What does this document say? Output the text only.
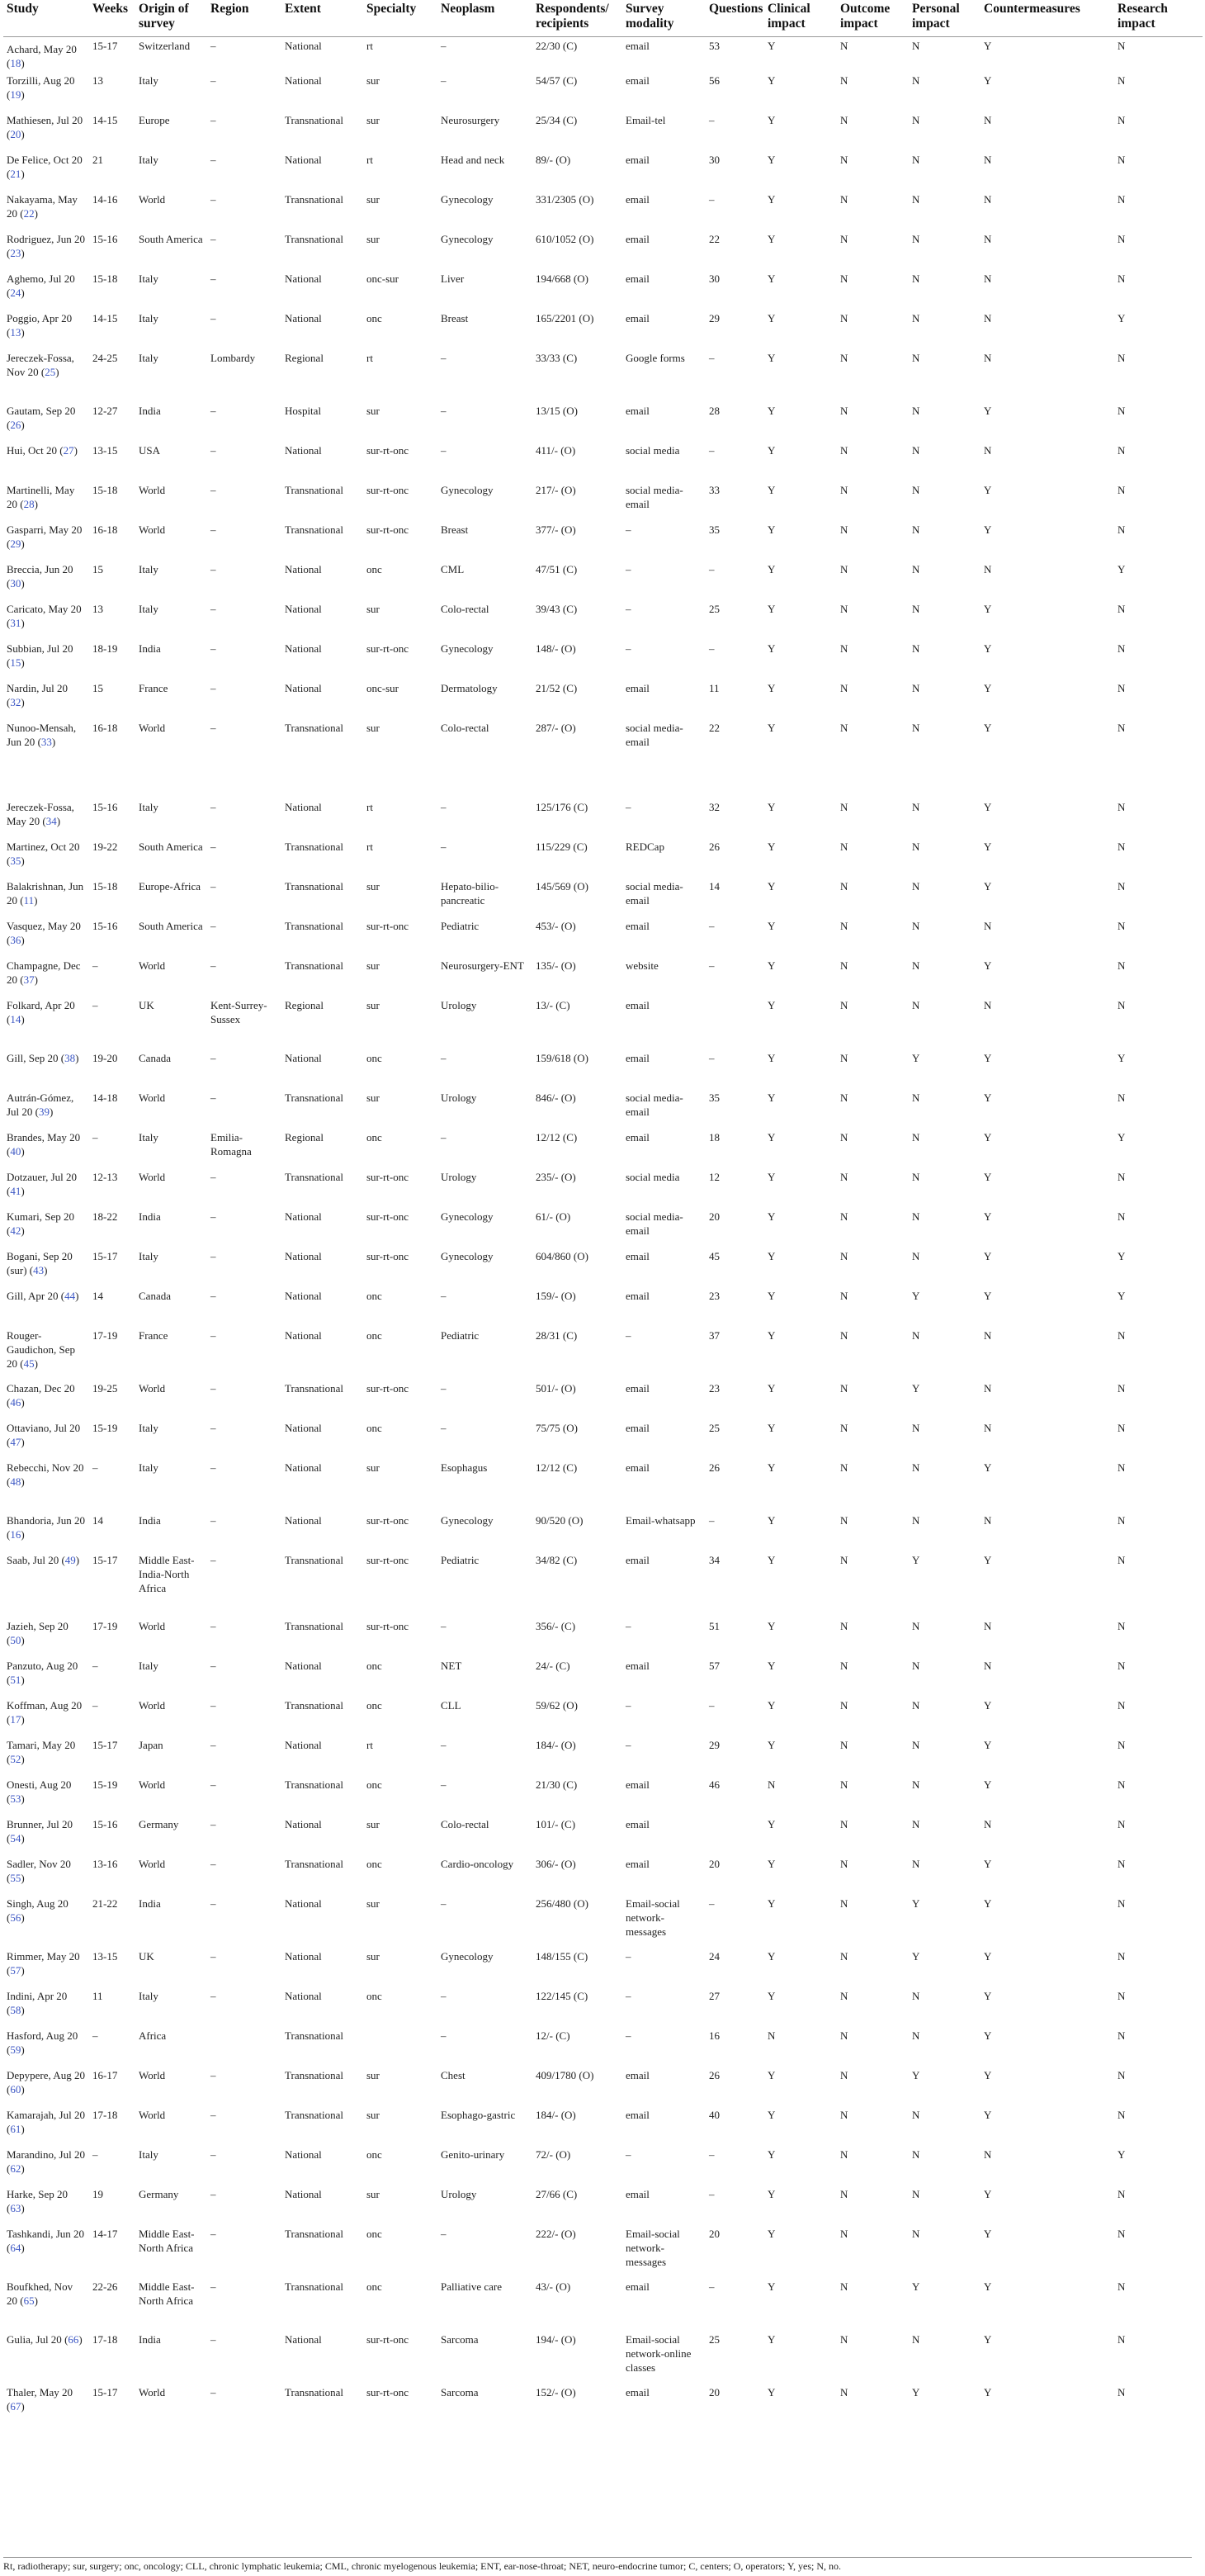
Study	Weeks	Origin of survey	Region	Extent	Specialty	Neoplasm	Respondents/ recipients	Survey modality	Questions	Clinical impact	Outcome impact	Personal impact	Countermeasures	Research impact
Achard, May 20 (18)	15-17	Switzerland	–	National	rt	–	22/30 (C)	email	53	Y	N	N	Y	N
Torzilli, Aug 20 (19)	13	Italy	–	National	sur	–	54/57 (C)	email	56	Y	N	N	Y	N
Mathiesen, Jul 20 (20)	14-15	Europe	–	Transnational	sur	Neurosurgery	25/34 (C)	Email-tel	–	Y	N	N	N	N
De Felice, Oct 20 (21)	21	Italy	–	National	rt	Head and neck	89/- (O)	email	30	Y	N	N	N	N
Nakayama, May 20 (22)	14-16	World	–	Transnational	sur	Gynecology	331/2305 (O)	email	–	Y	N	N	N	N
Rodriguez, Jun 20 (23)	15-16	South America	–	Transnational	sur	Gynecology	610/1052 (O)	email	22	Y	N	N	N	N
Aghemo, Jul 20 (24)	15-18	Italy	–	National	onc-sur	Liver	194/668 (O)	email	30	Y	N	N	N	N
Poggio, Apr 20 (13)	14-15	Italy	–	National	onc	Breast	165/2201 (O)	email	29	Y	N	N	N	Y
Jereczek-Fossa, Nov 20 (25)	24-25	Italy	Lombardy	Regional	rt	–	33/33 (C)	Google forms	–	Y	N	N	N	N
Gautam, Sep 20 (26)	12-27	India	–	Hospital	sur	–	13/15 (O)	email	28	Y	N	N	Y	N
Hui, Oct 20 (27)	13-15	USA	–	National	sur-rt-onc	–	411/- (O)	social media	–	Y	N	N	N	N
Martinelli, May 20 (28)	15-18	World	–	Transnational	sur-rt-onc	Gynecology	217/- (O)	social media-email	33	Y	N	N	Y	N
Gasparri, May 20 (29)	16-18	World	–	Transnational	sur-rt-onc	Breast	377/- (O)	–	35	Y	N	N	Y	N
Breccia, Jun 20 (30)	15	Italy	–	National	onc	CML	47/51 (C)	–	–	Y	N	N	N	Y
Caricato, May 20 (31)	13	Italy	–	National	sur	Colo-rectal	39/43 (C)	–	25	Y	N	N	Y	N
Subbian, Jul 20 (15)	18-19	India	–	National	sur-rt-onc	Gynecology	148/- (O)	–	–	Y	N	N	Y	N
Nardin, Jul 20 (32)	15	France	–	National	onc-sur	Dermatology	21/52 (C)	email	11	Y	N	N	Y	N
Nunoo-Mensah, Jun 20 (33)	16-18	World	–	Transnational	sur	Colo-rectal	287/- (O)	social media-email	22	Y	N	N	Y	N
Jereczek-Fossa, May 20 (34)	15-16	Italy	–	National	rt	–	125/176 (C)	–	32	Y	N	N	Y	N
Martinez, Oct 20 (35)	19-22	South America	–	Transnational	rt	–	115/229 (C)	REDCap	26	Y	N	N	Y	N
Balakrishnan, Jun 20 (11)	15-18	Europe-Africa	–	Transnational	sur	Hepato-bilio-pancreatic	145/569 (O)	social media-email	14	Y	N	N	Y	N
Vasquez, May 20 (36)	15-16	South America	–	Transnational	sur-rt-onc	Pediatric	453/- (O)	email	–	Y	N	N	N	N
Champagne, Dec 20 (37)	–	World	–	Transnational	sur	Neurosurgery-ENT	135/- (O)	website	–	Y	N	N	Y	N
Folkard, Apr 20 (14)	–	UK	Kent-Surrey-Sussex	Regional	sur	Urology	13/- (C)	email		Y	N	N	N	N
Gill, Sep 20 (38)	19-20	Canada	–	National	onc	–	159/618 (O)	email	–	Y	N	Y	Y	Y
Autrán-Gómez, Jul 20 (39)	14-18	World	–	Transnational	sur	Urology	846/- (O)	social media-email	35	Y	N	N	Y	N
Brandes, May 20 (40)	–	Italy	Emilia-Romagna	Regional	onc	–	12/12 (C)	email	18	Y	N	N	Y	Y
Dotzauer, Jul 20 (41)	12-13	World	–	Transnational	sur-rt-onc	Urology	235/- (O)	social media	12	Y	N	N	Y	N
Kumari, Sep 20 (42)	18-22	India	–	National	sur-rt-onc	Gynecology	61/- (O)	social media-email	20	Y	N	N	Y	N
Bogani, Sep 20 (sur) (43)	15-17	Italy	–	National	sur-rt-onc	Gynecology	604/860 (O)	email	45	Y	N	N	Y	Y
Gill, Apr 20 (44)	14	Canada	–	National	onc	–	159/- (O)	email	23	Y	N	Y	Y	Y
Rouger-Gaudichon, Sep 20 (45)	17-19	France	–	National	onc	Pediatric	28/31 (C)	–	37	Y	N	N	N	N
Chazan, Dec 20 (46)	19-25	World	–	Transnational	sur-rt-onc	–	501/- (O)	email	23	Y	N	Y	N	N
Ottaviano, Jul 20 (47)	15-19	Italy	–	National	onc	–	75/75 (O)	email	25	Y	N	N	N	N
Rebecchi, Nov 20 (48)	–	Italy	–	National	sur	Esophagus	12/12 (C)	email	26	Y	N	N	Y	N
Bhandoria, Jun 20 (16)	14	India	–	National	sur-rt-onc	Gynecology	90/520 (O)	Email-whatsapp	–	Y	N	N	N	N
Saab, Jul 20 (49)	15-17	Middle East-India-North Africa	–	Transnational	sur-rt-onc	Pediatric	34/82 (C)	email	34	Y	N	Y	Y	N
Jazieh, Sep 20 (50)	17-19	World	–	Transnational	sur-rt-onc	–	356/- (C)	–	51	Y	N	N	N	N
Panzuto, Aug 20 (51)	–	Italy	–	National	onc	NET	24/- (C)	email	57	Y	N	N	N	N
Koffman, Aug 20 (17)	–	World	–	Transnational	onc	CLL	59/62 (O)	–	–	Y	N	N	Y	N
Tamari, May 20 (52)	15-17	Japan	–	National	rt	–	184/- (O)	–	29	Y	N	N	Y	N
Onesti, Aug 20 (53)	15-19	World	–	Transnational	onc	–	21/30 (C)	email	46	N	N	N	Y	N
Brunner, Jul 20 (54)	15-16	Germany	–	National	sur	Colo-rectal	101/- (C)	email		Y	N	N	N	N
Sadler, Nov 20 (55)	13-16	World	–	Transnational	onc	Cardio-oncology	306/- (O)	email	20	Y	N	N	Y	N
Singh, Aug 20 (56)	21-22	India	–	National	sur	–	256/480 (O)	Email-social network-messages	–	Y	N	Y	Y	N
Rimmer, May 20 (57)	13-15	UK	–	National	sur	Gynecology	148/155 (C)	–	24	Y	N	Y	Y	N
Indini, Apr 20 (58)	11	Italy	–	National	onc	–	122/145 (C)	–	27	Y	N	N	Y	N
Hasford, Aug 20 (59)	–	Africa		Transnational		–	12/- (C)	–	16	N	N	N	Y	N
Depypere, Aug 20 (60)	16-17	World	–	Transnational	sur	Chest	409/1780 (O)	email	26	Y	N	Y	Y	N
Kamarajah, Jul 20 (61)	17-18	World	–	Transnational	sur	Esophago-gastric	184/- (O)	email	40	Y	N	N	Y	N
Marandino, Jul 20 (62)	–	Italy	–	National	onc	Genito-urinary	72/- (O)	–	–	Y	N	N	N	Y
Harke, Sep 20 (63)	19	Germany	–	National	sur	Urology	27/66 (C)	email	–	Y	N	N	Y	N
Tashkandi, Jun 20 (64)	14-17	Middle East-North Africa	–	Transnational	onc	–	222/- (O)	Email-social network-messages	20	Y	N	N	Y	N
Boufkhed, Nov 20 (65)	22-26	Middle East-North Africa	–	Transnational	onc	Palliative care	43/- (O)	email	–	Y	N	Y	Y	N
Gulia, Jul 20 (66)	17-18	India	–	National	sur-rt-onc	Sarcoma	194/- (O)	Email-social network-online classes	25	Y	N	N	Y	N
Thaler, May 20 (67)	15-17	World	–	Transnational	sur-rt-onc	Sarcoma	152/- (O)	email	20	Y	N	Y	Y	N
Rt, radiotherapy; sur, surgery; onc, oncology; CLL, chronic lymphatic leukemia; CML, chronic myelogenous leukemia; ENT, ear-nose-throat; NET, neuro-endocrine tumor; C, centers; O, operators; Y, yes; N, no.
